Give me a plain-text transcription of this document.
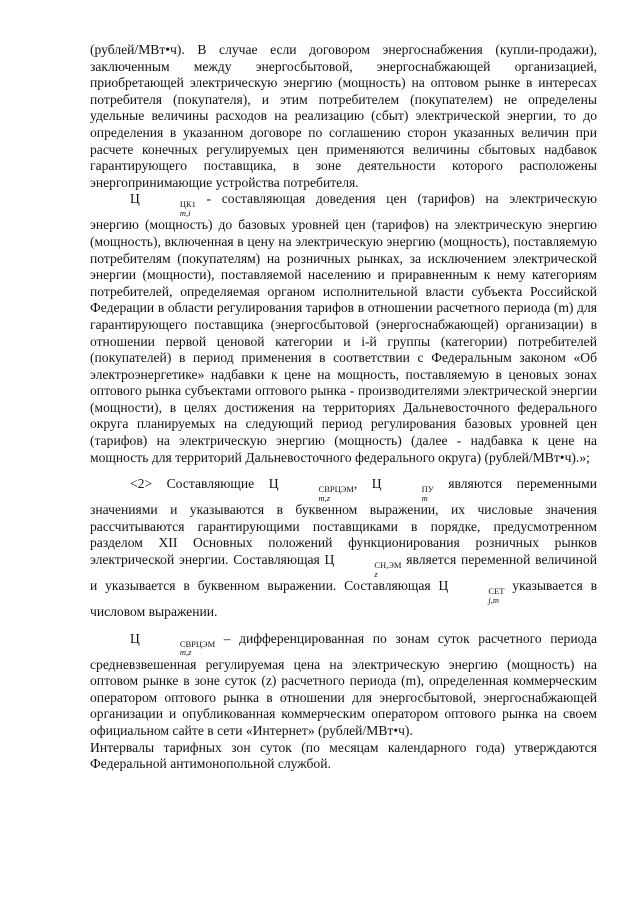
(рублей/МВт•ч). В случае если договором энергоснабжения (купли-продажи), заключенным между энергосбытовой, энергоснабжающей организацией, приобретающей электрическую энергию (мощность) на оптовом рынке в интересах потребителя (покупателя), и этим потребителем (покупателем) не определены удельные величины расходов на реализацию (сбыт) электрической энергии, то до определения в указанном договоре по соглашению сторон указанных величин при расчете конечных регулируемых цен применяются величины сбытовых надбавок гарантирующего поставщика, в зоне деятельности которого расположены энергопринимающие устройства потребителя.

Ц	ЦК1
m,i
- составляющая доведения цен (тарифов) на электрическую энергию (мощность) до базовых уровней цен (тарифов) на электрическую энергию (мощность), включенная в цену на электрическую энергию (мощность), поставляемую потребителям (покупателям) на розничных рынках, за исключением электрической энергии (мощности), поставляемой населению и приравненным к нему категориям потребителей, определяемая органом исполнительной власти субъекта Российской Федерации в области регулирования тарифов в отношении расчетного периода (m) для гарантирующего поставщика (энергосбытовой (энергоснабжающей) организации) в отношении первой ценовой категории и i-й группы (категории) потребителей (покупателей) в период применения в соответствии с Федеральным законом «Об электроэнергетике» надбавки к цене на мощность, поставляемую в ценовых зонах оптового рынка субъектами оптового рынка - производителями электрической энергии (мощности), в целях достижения на территориях Дальневосточного федерального округа планируемых на следующий период регулирования базовых уровней цен (тарифов) на электрическую энергию (мощность) (далее - надбавка к цене на мощность для территорий Дальневосточного федерального округа) (рублей/МВт•ч).»;

<2> Составляющие Ц	СВРЦЭМ
m,z
, Ц	ПУ
m
являются переменными значениями и указываются в буквенном выражении, их числовые значения рассчитываются гарантирующими поставщиками в порядке, предусмотренном разделом XII Основных положений функционирования розничных рынков электрической энергии. Составляющая Ц	СН,ЭМ
z
является переменной величиной и указывается в буквенном выражении. Составляющая Ц	СЕТ
j,m
указывается в числовом выражении.

Ц	СВРЦЭМ
m,z
– дифференцированная по зонам суток расчетного периода средневзвешенная регулируемая цена на электрическую энергию (мощность) на оптовом рынке в зоне суток (z) расчетного периода (m), определенная коммерческим оператором оптового рынка в отношении для энергосбытовой, энергоснабжающей организации и опубликованная коммерческим оператором оптового рынка на своем официальном сайте в сети «Интернет» (рублей/МВт•ч).

Интервалы тарифных зон суток (по месяцам календарного года) утверждаются Федеральной антимонопольной службой.
